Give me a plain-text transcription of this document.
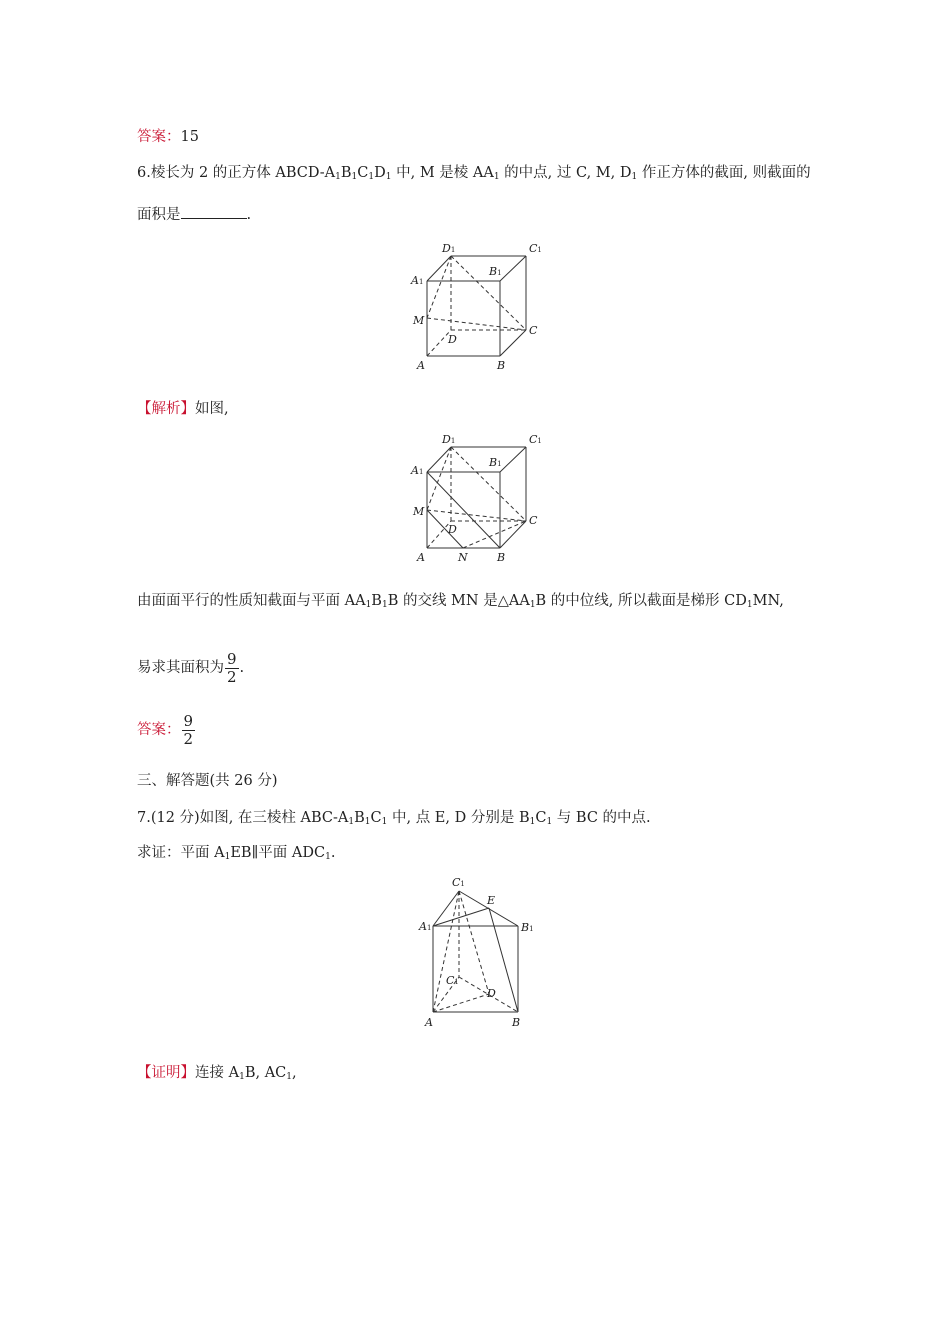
答案：15
6.棱长为 2 的正方体 ABCD-$A_1B_1C_1D_1$ 中, M 是棱 $AA_1$ 的中点, 过 C, M, $D_1$ 作正方体的截面, 则截面的
面积是	.
D1	C1
A1
B1
M
D
C
A	B
【解析】如图,
D1	C1
A1
B1
M
D
C
A	N	B
由面面平行的性质知截面与平面 $AA_1B_1B$ 的交线 MN 是$\triangle AA_1B$ 的中位线, 所以截面是梯形 $CD_1MN$,
易求其面积为 $\frac{9}{2}$ .
答案： $\frac{9}{2}$
三、解答题(共 26 分)
7.(12 分)如图, 在三棱柱 ABC-$A_1B_1C_1$ 中, 点 E, D 分别是 $B_1C_1$ 与 BC 的中点.
求证：平面 $A_1EB\parallel$平面 $ADC_1$.
C1
E
A1	B1
C1
D
A	B
【证明】连接 $A_1B$, $AC_1$,
